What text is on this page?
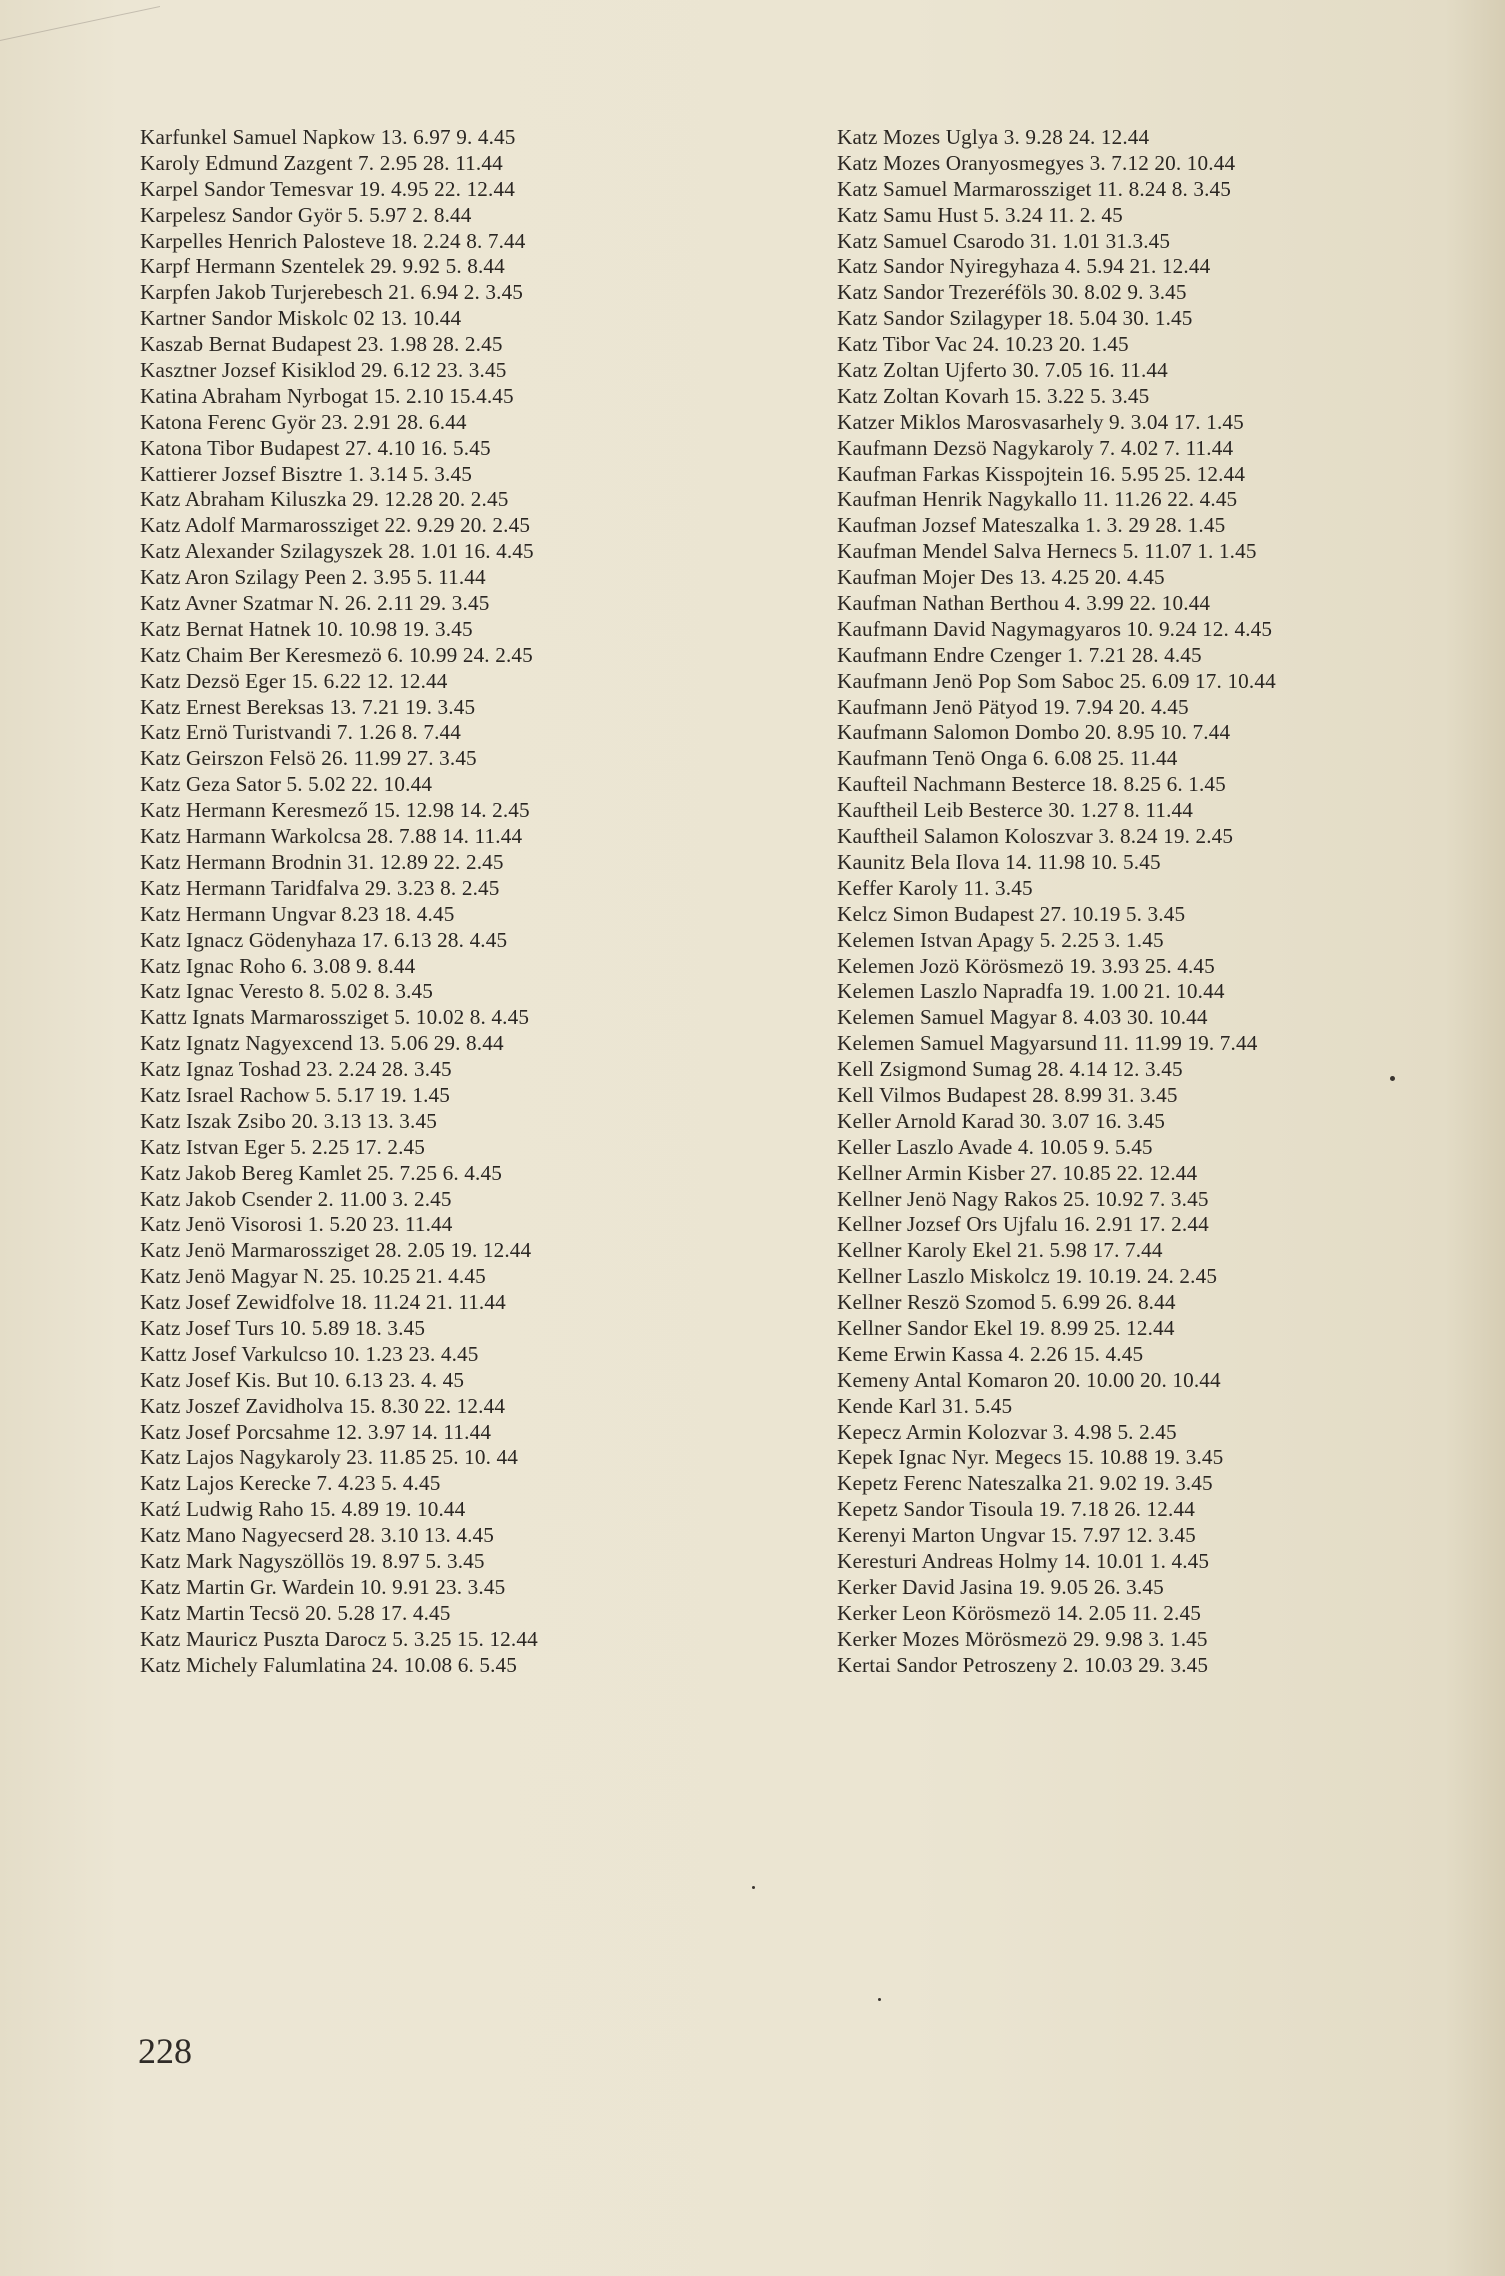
Karfunkel Samuel Napkow 13. 6.97 9. 4.45
Karoly Edmund Zazgent 7. 2.95 28. 11.44
Karpel Sandor Temesvar 19. 4.95 22. 12.44
Karpelesz Sandor Györ 5. 5.97 2. 8.44
Karpelles Henrich Palosteve 18. 2.24 8. 7.44
Karpf Hermann Szentelek 29. 9.92 5. 8.44
Karpfen Jakob Turjerebesch 21. 6.94 2. 3.45
Kartner Sandor Miskolc 02 13. 10.44
Kaszab Bernat Budapest 23. 1.98 28. 2.45
Kasztner Jozsef Kisiklod 29. 6.12 23. 3.45
Katina Abraham Nyrbogat 15. 2.10 15.4.45
Katona Ferenc Györ 23. 2.91 28. 6.44
Katona Tibor Budapest 27. 4.10 16. 5.45
Kattierer Jozsef Bisztre 1. 3.14 5. 3.45
Katz Abraham Kiluszka 29. 12.28 20. 2.45
Katz Adolf Marmarossziget 22. 9.29 20. 2.45
Katz Alexander Szilagyszek 28. 1.01 16. 4.45
Katz Aron Szilagy Peen 2. 3.95 5. 11.44
Katz Avner Szatmar N. 26. 2.11 29. 3.45
Katz Bernat Hatnek 10. 10.98 19. 3.45
Katz Chaim Ber Keresmezö 6. 10.99 24. 2.45
Katz Dezsö Eger 15. 6.22 12. 12.44
Katz Ernest Bereksas 13. 7.21 19. 3.45
Katz Ernö Turistvandi 7. 1.26 8. 7.44
Katz Geirszon Felsö 26. 11.99 27. 3.45
Katz Geza Sator 5. 5.02 22. 10.44
Katz Hermann Keresmező 15. 12.98 14. 2.45
Katz Harmann Warkolcsa 28. 7.88 14. 11.44
Katz Hermann Brodnin 31. 12.89 22. 2.45
Katz Hermann Taridfalva 29. 3.23 8. 2.45
Katz Hermann Ungvar 8.23 18. 4.45
Katz Ignacz Gödenyhaza 17. 6.13 28. 4.45
Katz Ignac Roho 6. 3.08 9. 8.44
Katz Ignac Veresto 8. 5.02 8. 3.45
Kattz Ignats Marmarossziget 5. 10.02 8. 4.45
Katz Ignatz Nagyexcend 13. 5.06 29. 8.44
Katz Ignaz Toshad 23. 2.24 28. 3.45
Katz Israel Rachow 5. 5.17 19. 1.45
Katz Iszak Zsibo 20. 3.13 13. 3.45
Katz Istvan Eger 5. 2.25 17. 2.45
Katz Jakob Bereg Kamlet 25. 7.25 6. 4.45
Katz Jakob Csender 2. 11.00 3. 2.45
Katz Jenö Visorosi 1. 5.20 23. 11.44
Katz Jenö Marmarossziget 28. 2.05 19. 12.44
Katz Jenö Magyar N. 25. 10.25 21. 4.45
Katz Josef Zewidfolve 18. 11.24 21. 11.44
Katz Josef Turs 10. 5.89 18. 3.45
Kattz Josef Varkulcso 10. 1.23 23. 4.45
Katz Josef Kis. But 10. 6.13 23. 4. 45
Katz Joszef Zavidholva 15. 8.30 22. 12.44
Katz Josef Porcsahme 12. 3.97 14. 11.44
Katz Lajos Nagykaroly 23. 11.85 25. 10. 44
Katz Lajos Kerecke 7. 4.23 5. 4.45
Katź Ludwig Raho 15. 4.89 19. 10.44
Katz Mano Nagyecserd 28. 3.10 13. 4.45
Katz Mark Nagyszöllös 19. 8.97 5. 3.45
Katz Martin Gr. Wardein 10. 9.91 23. 3.45
Katz Martin Tecsö 20. 5.28 17. 4.45
Katz Mauricz Puszta Darocz 5. 3.25 15. 12.44
Katz Michely Falumlatina 24. 10.08 6. 5.45
Katz Mozes Uglya 3. 9.28 24. 12.44
Katz Mozes Oranyosmegyes 3. 7.12 20. 10.44
Katz Samuel Marmarossziget 11. 8.24 8. 3.45
Katz Samu Hust 5. 3.24 11. 2. 45
Katz Samuel Csarodo 31. 1.01 31.3.45
Katz Sandor Nyiregyhaza 4. 5.94 21. 12.44
Katz Sandor Trezeréföls 30. 8.02 9. 3.45
Katz Sandor Szilagyper 18. 5.04 30. 1.45
Katz Tibor Vac 24. 10.23 20. 1.45
Katz Zoltan Ujferto 30. 7.05 16. 11.44
Katz Zoltan Kovarh 15. 3.22 5. 3.45
Katzer Miklos Marosvasarhely 9. 3.04 17. 1.45
Kaufmann Dezsö Nagykaroly 7. 4.02 7. 11.44
Kaufman Farkas Kisspojtein 16. 5.95 25. 12.44
Kaufman Henrik Nagykallo 11. 11.26 22. 4.45
Kaufman Jozsef Mateszalka 1. 3. 29 28. 1.45
Kaufman Mendel Salva Hernecs 5. 11.07 1. 1.45
Kaufman Mojer Des 13. 4.25 20. 4.45
Kaufman Nathan Berthou 4. 3.99 22. 10.44
Kaufmann David Nagymagyaros 10. 9.24 12. 4.45
Kaufmann Endre Czenger 1. 7.21 28. 4.45
Kaufmann Jenö Pop Som Saboc 25. 6.09 17. 10.44
Kaufmann Jenö Pätyod 19. 7.94 20. 4.45
Kaufmann Salomon Dombo 20. 8.95 10. 7.44
Kaufmann Tenö Onga 6. 6.08 25. 11.44
Kaufteil Nachmann Besterce 18. 8.25 6. 1.45
Kauftheil Leib Besterce 30. 1.27 8. 11.44
Kauftheil Salamon Koloszvar 3. 8.24 19. 2.45
Kaunitz Bela Ilova 14. 11.98 10. 5.45
Keffer Karoly 11. 3.45
Kelcz Simon Budapest 27. 10.19 5. 3.45
Kelemen Istvan Apagy 5. 2.25 3. 1.45
Kelemen Jozö Körösmezö 19. 3.93 25. 4.45
Kelemen Laszlo Napradfa 19. 1.00 21. 10.44
Kelemen Samuel Magyar 8. 4.03 30. 10.44
Kelemen Samuel Magyarsund 11. 11.99 19. 7.44
Kell Zsigmond Sumag 28. 4.14 12. 3.45
Kell Vilmos Budapest 28. 8.99 31. 3.45
Keller Arnold Karad 30. 3.07 16. 3.45
Keller Laszlo Avade 4. 10.05 9. 5.45
Kellner Armin Kisber 27. 10.85 22. 12.44
Kellner Jenö Nagy Rakos 25. 10.92 7. 3.45
Kellner Jozsef Ors Ujfalu 16. 2.91 17. 2.44
Kellner Karoly Ekel 21. 5.98 17. 7.44
Kellner Laszlo Miskolcz 19. 10.19. 24. 2.45
Kellner Reszö Szomod 5. 6.99 26. 8.44
Kellner Sandor Ekel 19. 8.99 25. 12.44
Keme Erwin Kassa 4. 2.26 15. 4.45
Kemeny Antal Komaron 20. 10.00 20. 10.44
Kende Karl 31. 5.45
Kepecz Armin Kolozvar 3. 4.98 5. 2.45
Kepek Ignac Nyr. Megecs 15. 10.88 19. 3.45
Kepetz Ferenc Nateszalka 21. 9.02 19. 3.45
Kepetz Sandor Tisoula 19. 7.18 26. 12.44
Kerenyi Marton Ungvar 15. 7.97 12. 3.45
Keresturi Andreas Holmy 14. 10.01 1. 4.45
Kerker David Jasina 19. 9.05 26. 3.45
Kerker Leon Körösmezö 14. 2.05 11. 2.45
Kerker Mozes Mörösmezö 29. 9.98 3. 1.45
Kertai Sandor Petroszeny 2. 10.03 29. 3.45
228
